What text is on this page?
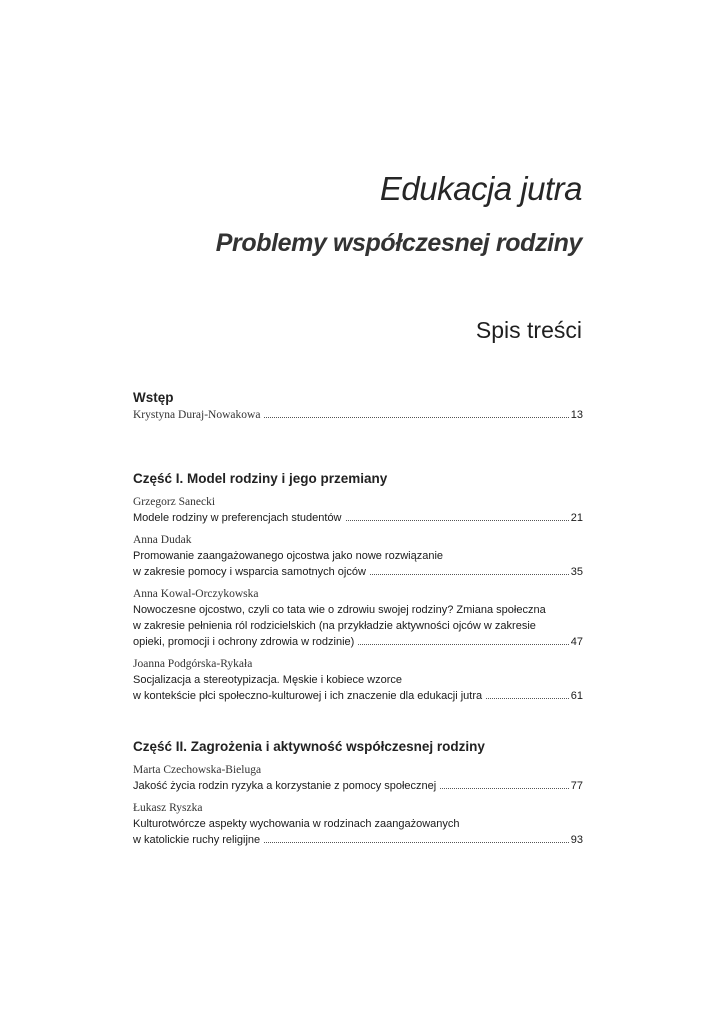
Edukacja jutra
Problemy współczesnej rodziny
Spis treści

Wstęp

Krystyna Duraj-Nowakowa	13

Część I. Model rodziny i jego przemiany

Grzegorz Sanecki

Modele rodziny w preferencjach studentów	21

Anna Dudak

Promowanie zaangażowanego ojcostwa jako nowe rozwiązanie
w zakresie pomocy i wsparcia samotnych ojców	35

Anna Kowal-Orczykowska

Nowoczesne ojcostwo, czyli co tata wie o zdrowiu swojej rodziny? Zmiana społeczna
w zakresie pełnienia ról rodzicielskich (na przykładzie aktywności ojców w zakresie
opieki, promocji i ochrony zdrowia w rodzinie)	47

Joanna Podgórska-Rykała

Socjalizacja a stereotypizacja. Męskie i kobiece wzorce
w kontekście płci społeczno-kulturowej i ich znaczenie dla edukacji jutra	61

Część II. Zagrożenia i aktywność współczesnej rodziny

Marta Czechowska-Bieluga

Jakość życia rodzin ryzyka a korzystanie z pomocy społecznej	77

Łukasz Ryszka

Kulturotwórcze aspekty wychowania w rodzinach zaangażowanych
w katolickie ruchy religijne	93
